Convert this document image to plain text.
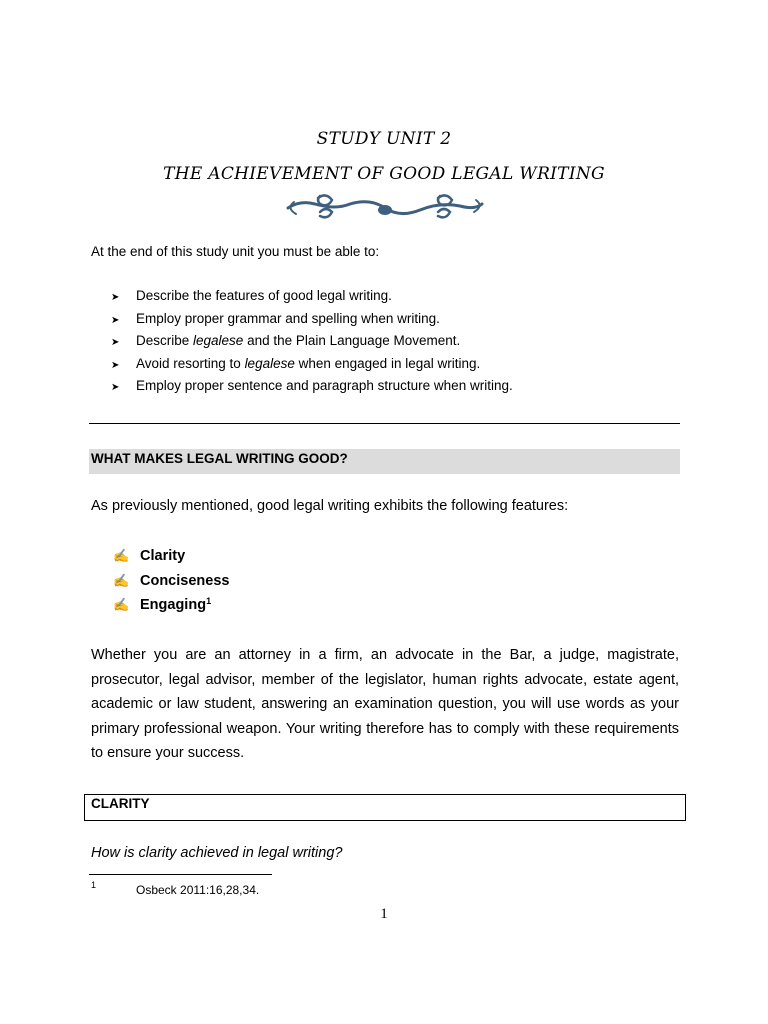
STUDY UNIT 2
THE ACHIEVEMENT OF GOOD LEGAL WRITING
At the end of this study unit you must be able to:
➤ Describe the features of good legal writing.
➤ Employ proper grammar and spelling when writing.
➤ Describe legalese and the Plain Language Movement.
➤ Avoid resorting to legalese when engaged in legal writing.
➤ Employ proper sentence and paragraph structure when writing.
WHAT MAKES LEGAL WRITING GOOD?
As previously mentioned, good legal writing exhibits the following features:
✍ Clarity
✍ Conciseness
✍ Engaging$^1$
Whether you are an attorney in a firm, an advocate in the Bar, a judge, magistrate, prosecutor, legal advisor, member of the legislator, human rights advocate, estate agent, academic or law student, answering an examination question, you will use words as your primary professional weapon. Your writing therefore has to comply with these requirements to ensure your success.
CLARITY
How is clarity achieved in legal writing?
1	Osbeck 2011:16,28,34.
1
